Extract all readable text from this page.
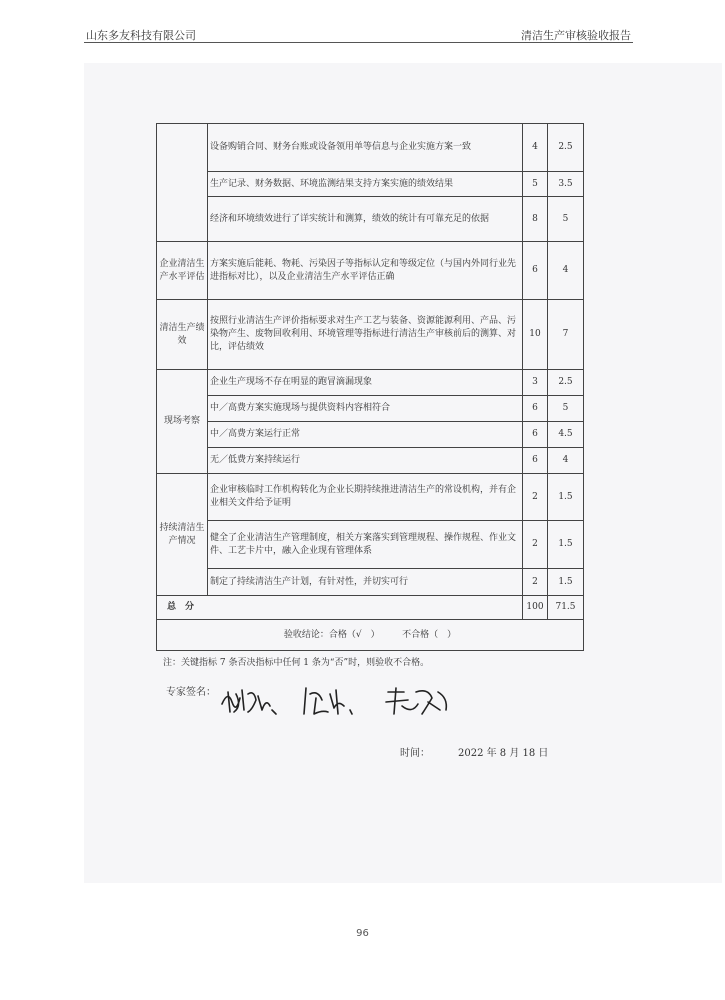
山东多友科技有限公司	清洁生产审核验收报告
	设备购销合同、财务台账或设备领用单等信息与企业实施方案一致	4	2.5
	生产记录、财务数据、环境监测结果支持方案实施的绩效结果	5	3.5
	经济和环境绩效进行了详实统计和测算，绩效的统计有可靠充足的依据	8	5
企业清洁生产水平评估	方案实施后能耗、物耗、污染因子等指标认定和等级定位（与国内外同行业先进指标对比），以及企业清洁生产水平评估正确	6	4
清洁生产绩效	按照行业清洁生产评价指标要求对生产工艺与装备、资源能源利用、产品、污染物产生、废物回收利用、环境管理等指标进行清洁生产审核前后的测算、对比，评估绩效	10	7
现场考察	企业生产现场不存在明显的跑冒滴漏现象	3	2.5
	中／高费方案实施现场与提供资料内容相符合	6	5
	中／高费方案运行正常	6	4.5
	无／低费方案持续运行	6	4
持续清洁生产情况	企业审核临时工作机构转化为企业长期持续推进清洁生产的常设机构，并有企业相关文件给予证明	2	1.5
	健全了企业清洁生产管理制度，相关方案落实到管理规程、操作规程、作业文件、工艺卡片中，融入企业现有管理体系	2	1.5
	制定了持续清洁生产计划，有针对性，并切实可行	2	1.5
总　分		100	71.5
验收结论：合格（√　）　　　不合格（　）			
注：关键指标 7 条否决指标中任何 1 条为“否”时，则验收不合格。
专家签名：
时间：	2022 年 8 月 18 日
96
